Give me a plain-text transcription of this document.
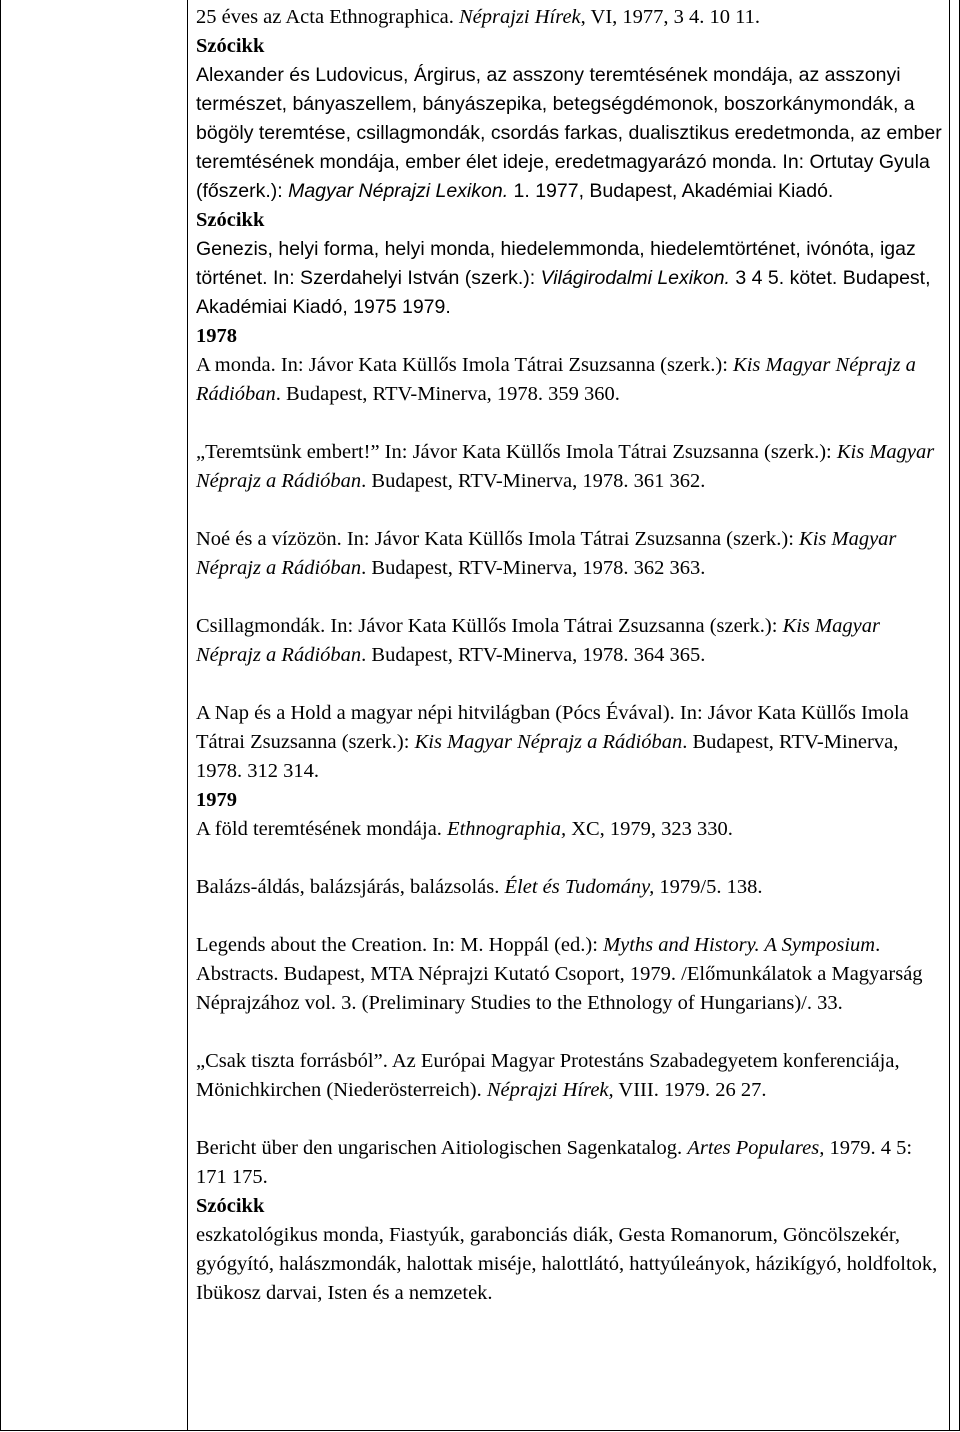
25 éves az Acta Ethnographica. Néprajzi Hírek, VI, 1977, 3 4. 10 11.

Szócikk

Alexander és Ludovicus, Árgirus, az asszony teremtésének mondája, az asszonyi természet, bányaszellem, bányászepika, betegségdémonok, boszorkánymondák, a bögöly teremtése, csillagmondák, csordás farkas, dualisztikus eredetmonda, az ember teremtésének mondája, ember élet ideje, eredetmagyarázó monda. In: Ortutay Gyula (főszerk.): Magyar Néprajzi Lexikon. 1. 1977, Budapest, Akadémiai Kiadó.

Szócikk

Genezis, helyi forma, helyi monda, hiedelemmonda, hiedelemtörténet, ivónóta, igaz történet. In: Szerdahelyi István (szerk.): Világirodalmi Lexikon. 3 4 5. kötet. Budapest, Akadémiai Kiadó, 1975 1979.

1978

A monda. In: Jávor Kata Küllős Imola Tátrai Zsuzsanna (szerk.): Kis Magyar Néprajz a Rádióban. Budapest, RTV-Minerva, 1978. 359 360.

„Teremtsünk embert!” In: Jávor Kata Küllős Imola Tátrai Zsuzsanna (szerk.): Kis Magyar Néprajz a Rádióban. Budapest, RTV-Minerva, 1978. 361 362.

Noé és a vízözön. In: Jávor Kata Küllős Imola Tátrai Zsuzsanna (szerk.): Kis Magyar Néprajz a Rádióban. Budapest, RTV-Minerva, 1978. 362 363.

Csillagmondák. In: Jávor Kata Küllős Imola Tátrai Zsuzsanna (szerk.): Kis Magyar Néprajz a Rádióban. Budapest, RTV-Minerva, 1978. 364 365.

A Nap és a Hold a magyar népi hitvilágban (Pócs Évával). In: Jávor Kata Küllős Imola Tátrai Zsuzsanna (szerk.): Kis Magyar Néprajz a Rádióban. Budapest, RTV-Minerva, 1978. 312 314.

1979

A föld teremtésének mondája. Ethnographia, XC, 1979, 323 330.

Balázs-áldás, balázsjárás, balázsolás. Élet és Tudomány, 1979/5. 138.

Legends about the Creation. In: M. Hoppál (ed.): Myths and History. A Symposium. Abstracts. Budapest, MTA Néprajzi Kutató Csoport, 1979. /Előmunkálatok a Magyarság Néprajzához vol. 3. (Preliminary Studies to the Ethnology of Hungarians)/. 33.

„Csak tiszta forrásból”. Az Európai Magyar Protestáns Szabadegyetem konferenciája, Mönichkirchen (Niederösterreich). Néprajzi Hírek, VIII. 1979. 26 27.

Bericht über den ungarischen Aitiologischen Sagenkatalog. Artes Populares, 1979. 4 5: 171 175.

Szócikk

eszkatológikus monda, Fiastyúk, garabonciás diák, Gesta Romanorum, Göncölszekér, gyógyító, halászmondák, halottak miséje, halottlátó, hattyúleányok, házikígyó, holdfoltok, Ibükosz darvai, Isten és a nemzetek.
